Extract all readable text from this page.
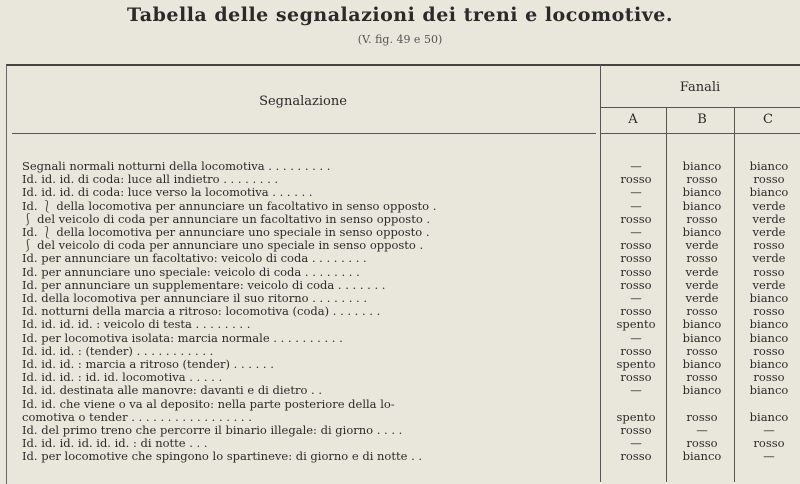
Tabella delle segnalazioni dei treni e locomotive.
(V. fig. 49 e 50)
Segnalazione
Fanali
A	B	C
Segnali normali notturni della locomotiva . . . . . . . . .	—	bianco	bianco
Id. id. id. di coda: luce all indietro . . . . . . . .	rosso	rosso	rosso
Id. id. id. di coda: luce verso la locomotiva . . . . . .	—	bianco	bianco
Id. ⎱ della locomotiva per annunciare un facoltativo in senso opposto .	—	bianco	verde
⎰ del veicolo di coda per annunciare un facoltativo in senso opposto .	rosso	rosso	verde
Id. ⎱ della locomotiva per annunciare uno speciale in senso opposto .	—	bianco	verde
⎰ del veicolo di coda per annunciare uno speciale in senso opposto .	rosso	verde	rosso
Id. per annunciare un facoltativo: veicolo di coda . . . . . . . .	rosso	rosso	verde
Id. per annunciare uno speciale: veicolo di coda . . . . . . . .	rosso	verde	rosso
Id. per annunciare un supplementare: veicolo di coda . . . . . . .	rosso	verde	verde
Id. della locomotiva per annunciare il suo ritorno . . . . . . . .	—	verde	bianco
Id. notturni della marcia a ritroso: locomotiva (coda) . . . . . . .	rosso	rosso	rosso
Id. id. id. id. : veicolo di testa . . . . . . . .	spento	bianco	bianco
Id. per locomotiva isolata: marcia normale . . . . . . . . . .	—	bianco	bianco
Id. id. id. : (tender) . . . . . . . . . . .	rosso	rosso	rosso
Id. id. id. : marcia a ritroso (tender) . . . . . .	spento	bianco	bianco
Id. id. id. : id. id. locomotiva . . . . .	rosso	rosso	rosso
Id. id. destinata alle manovre: davanti e di dietro . .	—	bianco	bianco
Id. id. che viene o va al deposito: nella parte posteriore della lo-
comotiva o tender . . . . . . . . . . . . . . . . .	spento	rosso	bianco
Id. del primo treno che percorre il binario illegale: di giorno . . . .	rosso	—	—
Id. id. id. id. id. id. : di notte . . .	—	rosso	rosso
Id. per locomotive che spingono lo spartineve: di giorno e di notte . .	rosso	bianco	—
